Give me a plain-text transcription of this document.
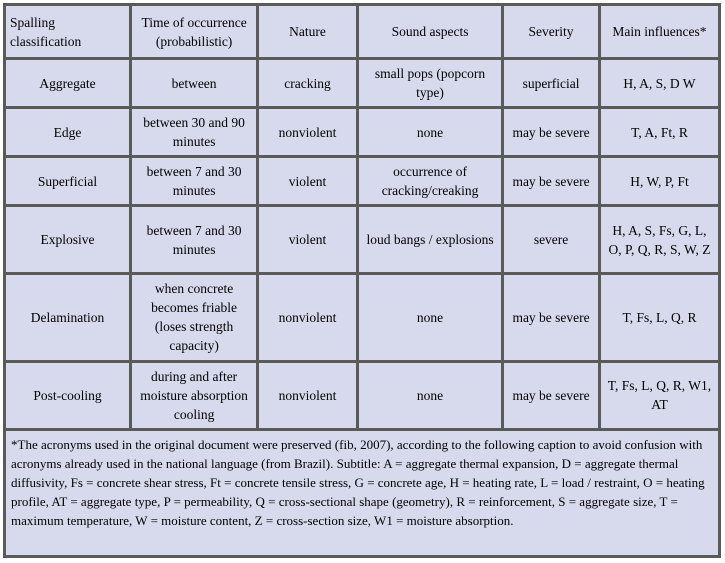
Spalling classification	Time of occurrence (probabilistic)	Nature	Sound aspects	Severity	Main influences*
Aggregate	between	cracking	small pops (popcorn type)	superficial	H, A, S, D W
Edge	between 30 and 90 minutes	nonviolent	none	may be severe	T, A, Ft, R
Superficial	between 7 and 30 minutes	violent	occurrence of cracking/creaking	may be severe	H, W, P, Ft
Explosive	between 7 and 30 minutes	violent	loud bangs / explosions	severe	H, A, S, Fs, G, L, O, P, Q, R, S, W, Z
Delamination	when concrete becomes friable (loses strength capacity)	nonviolent	none	may be severe	T, Fs, L, Q, R
Post-cooling	during and after moisture absorption cooling	nonviolent	none	may be severe	T, Fs, L, Q, R, W1, AT
*The acronyms used in the original document were preserved (fib, 2007), according to the following caption to avoid confusion with acronyms already used in the national language (from Brazil). Subtitle: A = aggregate thermal expansion, D = aggregate thermal diffusivity, Fs = concrete shear stress, Ft = concrete tensile stress, G = concrete age, H = heating rate, L = load / restraint, O = heating profile, AT = aggregate type, P = permeability, Q = cross-sectional shape (geometry), R = reinforcement, S = aggregate size, T = maximum temperature, W = moisture content, Z = cross-section size, W1 = moisture absorption.					
